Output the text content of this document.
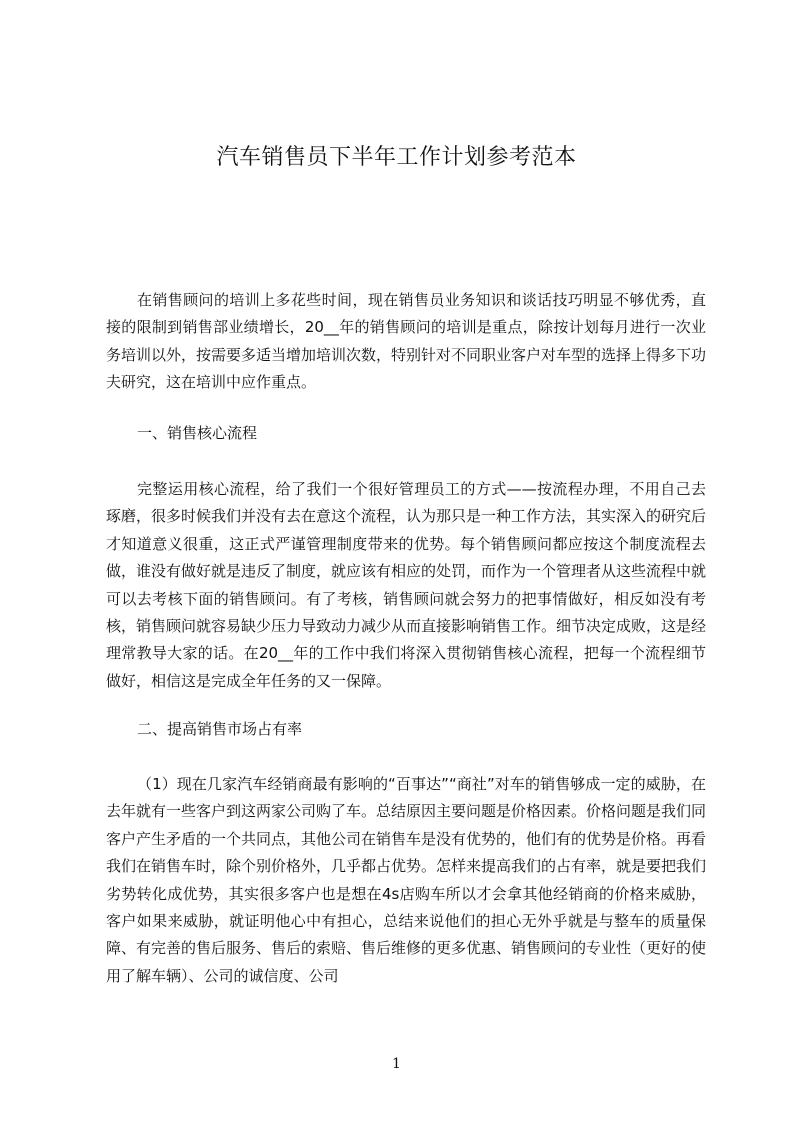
汽车销售员下半年工作计划参考范本
在销售顾问的培训上多花些时间，现在销售员业务知识和谈话技巧明显不够优秀，直接的限制到销售部业绩增长，20__年的销售顾问的培训是重点，除按计划每月进行一次业务培训以外，按需要多适当增加培训次数，特别针对不同职业客户对车型的选择上得多下功夫研究，这在培训中应作重点。
一、销售核心流程
完整运用核心流程，给了我们一个很好管理员工的方式——按流程办理，不用自己去琢磨，很多时候我们并没有去在意这个流程，认为那只是一种工作方法，其实深入的研究后才知道意义很重，这正式严谨管理制度带来的优势。每个销售顾问都应按这个制度流程去做，谁没有做好就是违反了制度，就应该有相应的处罚，而作为一个管理者从这些流程中就可以去考核下面的销售顾问。有了考核，销售顾问就会努力的把事情做好，相反如没有考核，销售顾问就容易缺少压力导致动力减少从而直接影响销售工作。细节决定成败，这是经理常教导大家的话。在20__年的工作中我们将深入贯彻销售核心流程，把每一个流程细节做好，相信这是完成全年任务的又一保障。
二、提高销售市场占有率
（1）现在几家汽车经销商最有影响的“百事达”“商社”对车的销售够成一定的威胁，在去年就有一些客户到这两家公司购了车。总结原因主要问题是价格因素。价格问题是我们同客户产生矛盾的一个共同点，其他公司在销售车是没有优势的，他们有的优势是价格。再看我们在销售车时，除个别价格外，几乎都占优势。怎样来提高我们的占有率，就是要把我们劣势转化成优势，其实很多客户也是想在4s店购车所以才会拿其他经销商的价格来威胁，客户如果来威胁，就证明他心中有担心，总结来说他们的担心无外乎就是与整车的质量保障、有完善的售后服务、售后的索赔、售后维修的更多优惠、销售顾问的专业性（更好的使用了解车辆）、公司的诚信度、公司
1
